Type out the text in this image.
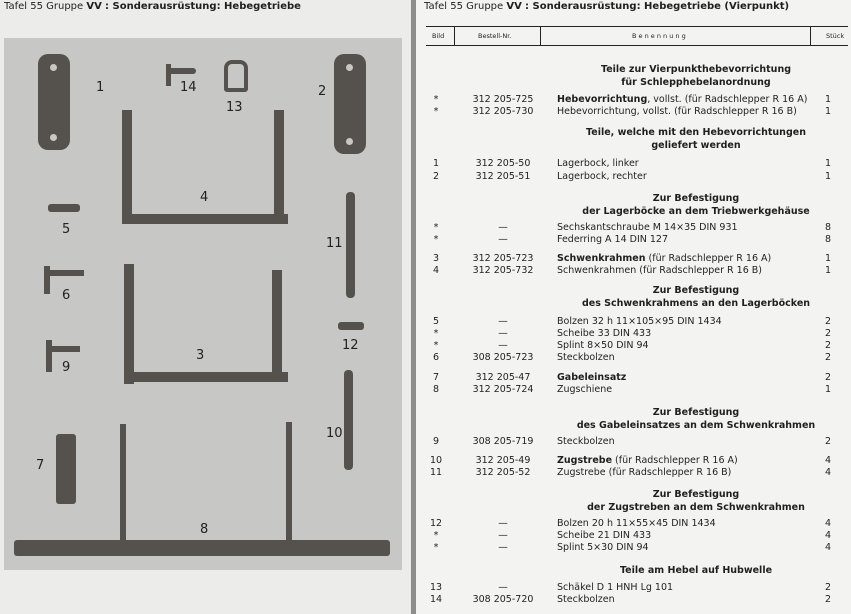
Tafel 55 Gruppe VV : Sonderausrüstung: Hebegetriebe
1	14
13
2
4
5
11
6
12
3
9
10
7
8
Tafel 55 Gruppe VV : Sonderausrüstung: Hebegetriebe (Vierpunkt)
Bild	Bestell-Nr.	B e n e n n u n g	Stück
Teile zur Vierpunkthebevorrichtung
für Schlepphebelanordnung
*	312 205-725	Hebevorrichtung, vollst. (für Radschlepper R 16 A)	1
*	312 205-730	Hebevorrichtung, vollst. (für Radschlepper R 16 B)	1
Teile, welche mit den Hebevorrichtungen
geliefert werden
1	312 205-50	Lagerbock, linker	1
2	312 205-51	Lagerbock, rechter	1
Zur Befestigung
der Lagerböcke an dem Triebwerkgehäuse
*	—	Sechskantschraube M 14×35 DIN 931	8
*	—	Federring A 14 DIN 127	8
3	312 205-723	Schwenkrahmen (für Radschlepper R 16 A)	1
4	312 205-732	Schwenkrahmen (für Radschlepper R 16 B)	1
Zur Befestigung
des Schwenkrahmens an den Lagerböcken
5	—	Bolzen 32 h 11×105×95 DIN 1434	2
*	—	Scheibe 33 DIN 433	2
*	—	Splint 8×50 DIN 94	2
6	308 205-723	Steckbolzen	2
7	312 205-47	Gabeleinsatz	2
8	312 205-724	Zugschiene	1
Zur Befestigung
des Gabeleinsatzes an dem Schwenkrahmen
9	308 205-719	Steckbolzen	2
10	312 205-49	Zugstrebe (für Radschlepper R 16 A)	4
11	312 205-52	Zugstrebe (für Radschlepper R 16 B)	4
Zur Befestigung
der Zugstreben an dem Schwenkrahmen
12	—	Bolzen 20 h 11×55×45 DIN 1434	4
*	—	Scheibe 21 DIN 433	4
*	—	Splint 5×30 DIN 94	4
Teile am Hebel auf Hubwelle
13	—	Schäkel D 1 HNH Lg 101	2
14	308 205-720	Steckbolzen	2
